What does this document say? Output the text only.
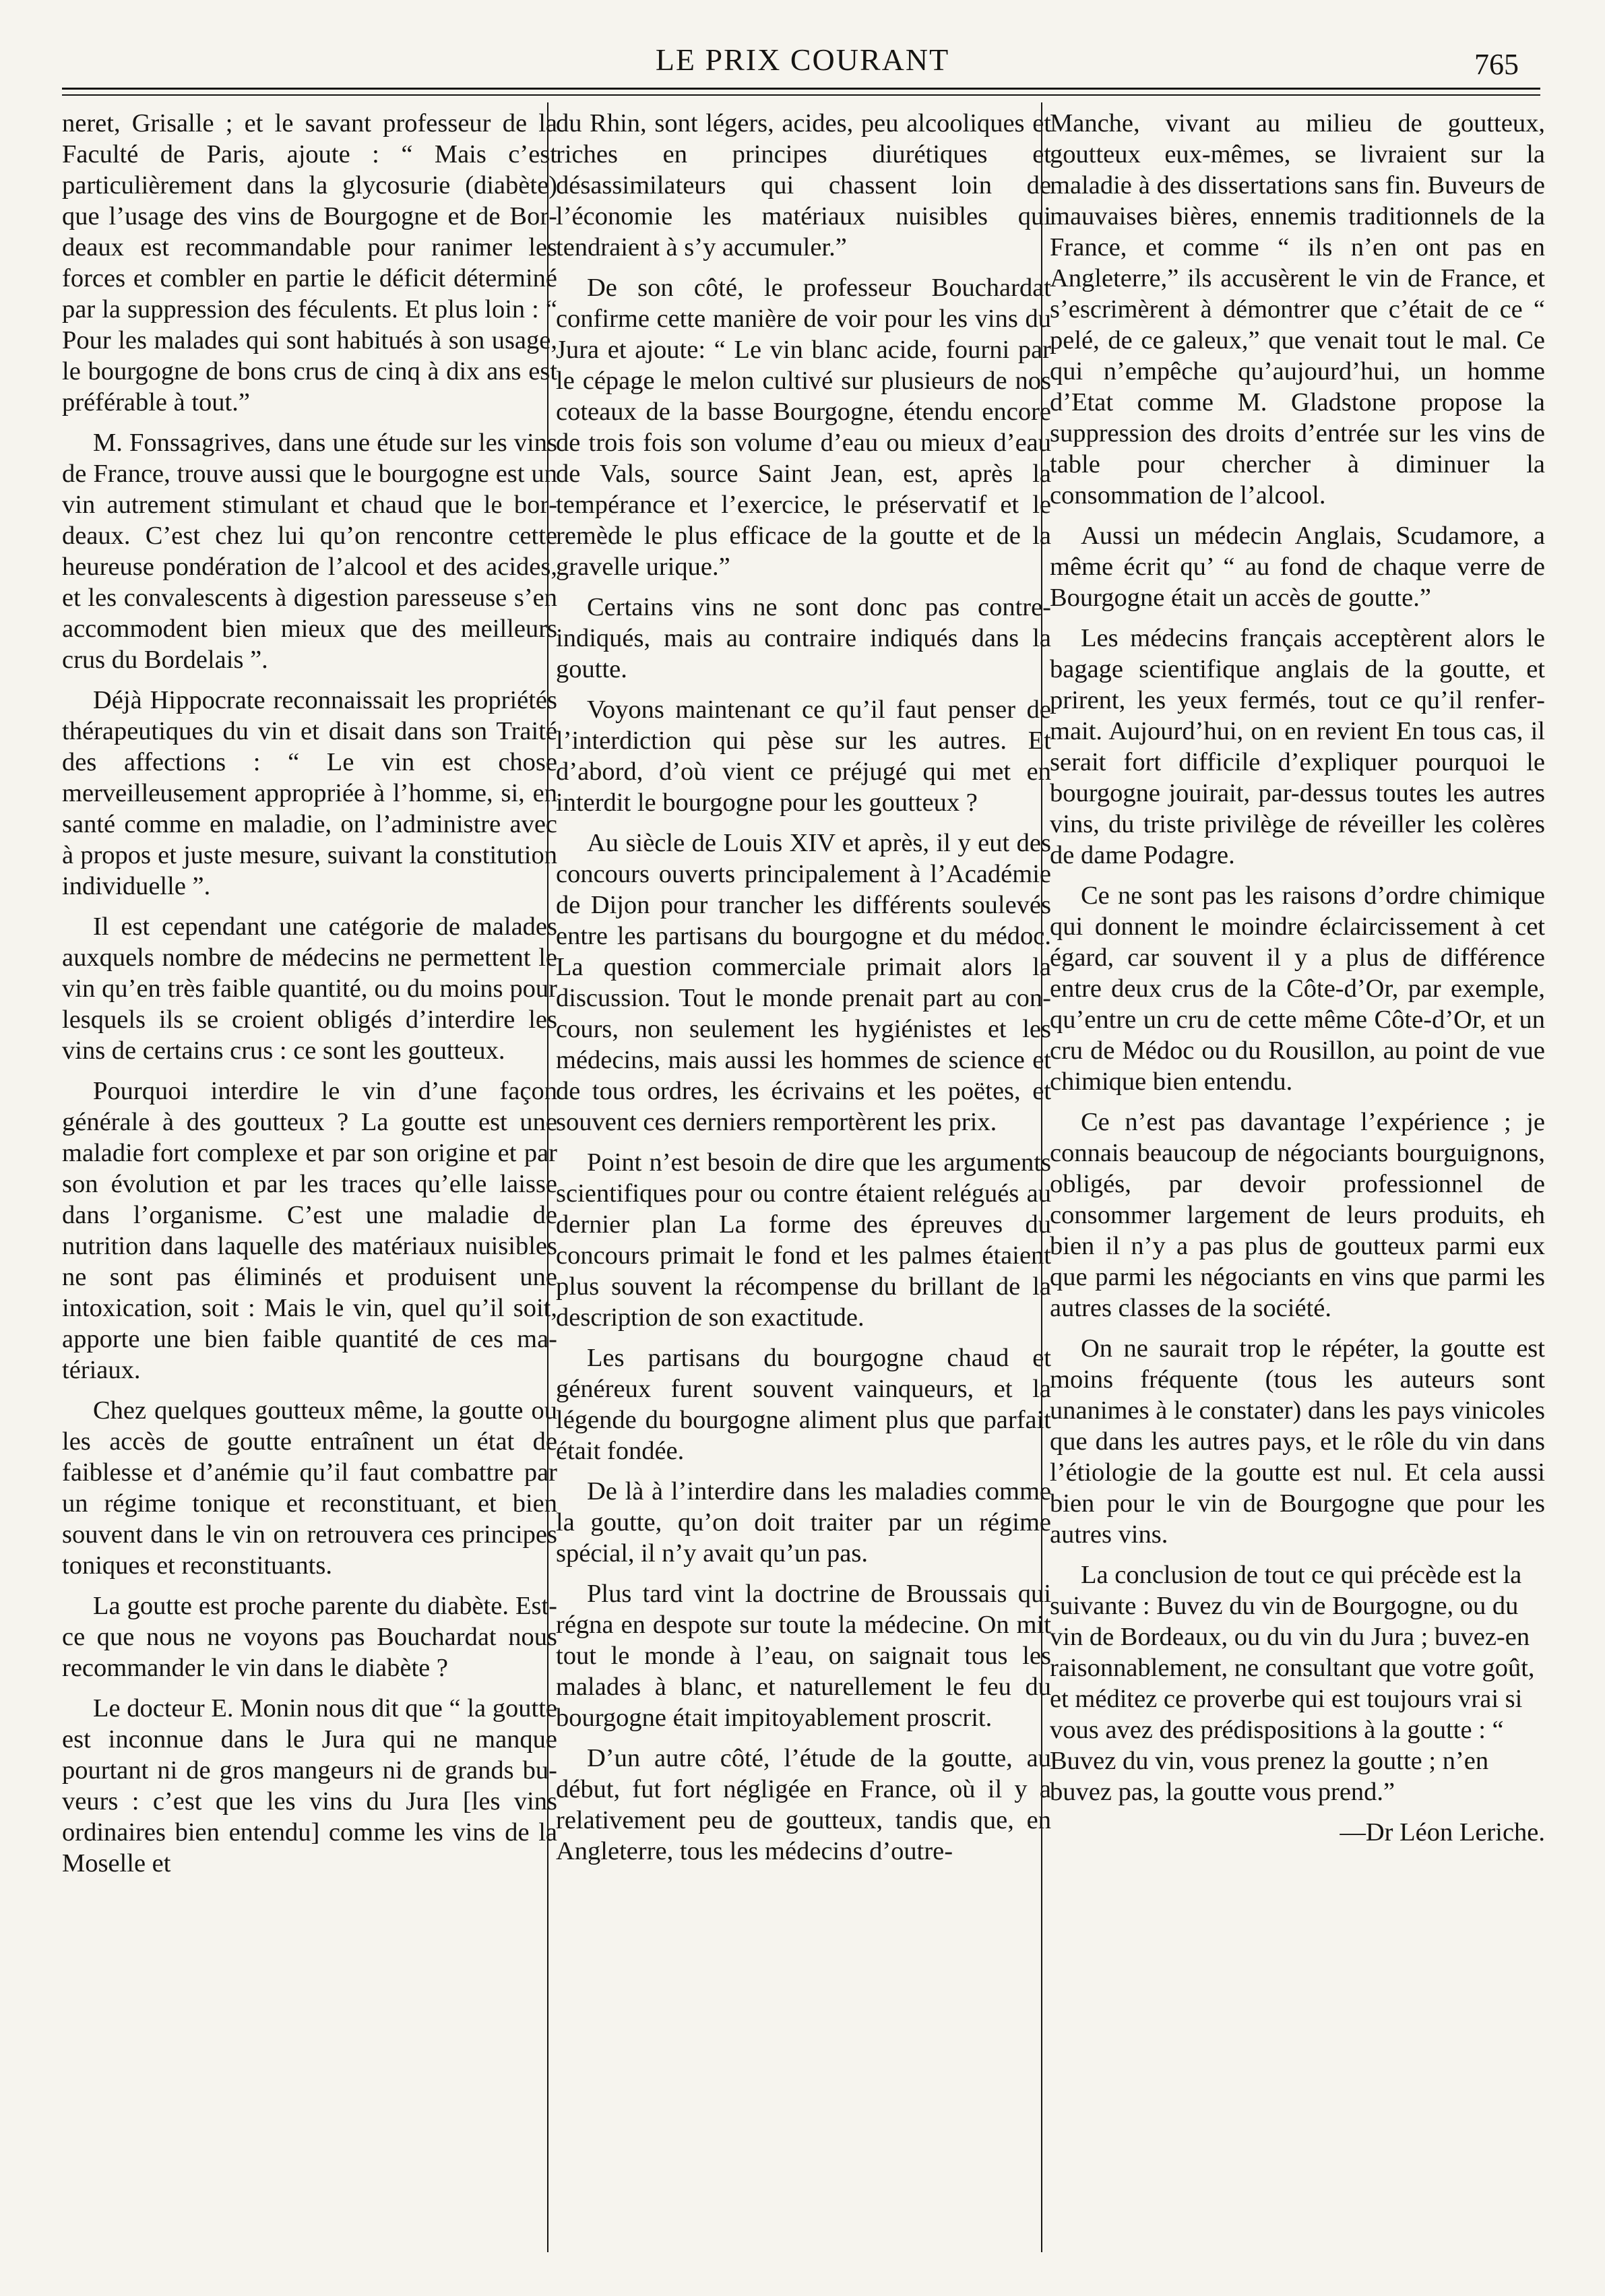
LE PRIX COURANT	765

neret, Grisalle ; et le savant professeur de la Faculté de Paris, ajoute : “ Mais c’est particulièrement dans la glycosurie (diabète) que l’usage des vins de Bourgogne et de Bordeaux est recommandable pour ranimer les forces et combler en partie le déficit déterminé par la suppression des féculents. Et plus loin : “ Pour les malades qui sont habitués à son usage, le bourgogne de bons crus de cinq à dix ans est préférable à tout.”

M. Fonssagrives, dans une étude sur les vins de France, trouve aussi que le bourgogne est un vin autrement stimulant et chaud que le bordeaux. C’est chez lui qu’on rencontre cette heureuse pondération de l’alcool et des acides, et les convalescents à digestion paresseuse s’en accommodent bien mieux que des meilleurs crus du Bordelais ”.

Déjà Hippocrate reconnaissait les propriétés thérapeutiques du vin et disait dans son Traité des affections : “ Le vin est chose merveilleusement appropriée à l’homme, si, en santé comme en maladie, on l’administre avec à propos et juste mesure, suivant la constitution individuelle ”.

Il est cependant une catégorie de malades auxquels nombre de médecins ne permettent le vin qu’en très faible quantité, ou du moins pour lesquels ils se croient obligés d’interdire les vins de certains crus : ce sont les goutteux.

Pourquoi interdire le vin d’une façon générale à des goutteux ? La goutte est une maladie fort complexe et par son origine et par son évolution et par les traces qu’elle laisse dans l’organisme. C’est une maladie de nutrition dans laquelle des matériaux nuisibles ne sont pas éliminés et produisent une intoxication, soit : Mais le vin, quel qu’il soit, apporte une bien faible quantité de ces matériaux.

Chez quelques goutteux même, la goutte ou les accès de goutte entraînent un état de faiblesse et d’anémie qu’il faut combattre par un régime tonique et reconstituant, et bien souvent dans le vin on retrouvera ces principes toniques et reconstituants.

La goutte est proche parente du diabète. Est-ce que nous ne voyons pas Bouchardat nous recommander le vin dans le diabète ?

Le docteur E. Monin nous dit que “ la goutte est inconnue dans le Jura qui ne manque pourtant ni de gros mangeurs ni de grands buveurs : c’est que les vins du Jura [les vins ordinaires bien entendu] comme les vins de la Moselle et

du Rhin, sont légers, acides, peu alcooliques et riches en principes diurétiques et désassimilateurs qui chassent loin de l’économie les matériaux nuisibles qui tendraient à s’y accumuler.”

De son côté, le professeur Bouchardat confirme cette manière de voir pour les vins du Jura et ajoute: “ Le vin blanc acide, fourni par le cépage le melon cultivé sur plusieurs de nos coteaux de la basse Bourgogne, étendu encore de trois fois son volume d’eau ou mieux d’eau de Vals, source Saint Jean, est, après la tempérance et l’exercice, le préservatif et le remède le plus efficace de la goutte et de la gravelle urique.”

Certains vins ne sont donc pas contre-indiqués, mais au contraire indiqués dans la goutte.

Voyons maintenant ce qu’il faut penser de l’interdiction qui pèse sur les autres. Et d’abord, d’où vient ce préjugé qui met en interdit le bourgogne pour les goutteux ?

Au siècle de Louis XIV et après, il y eut des concours ouverts principalement à l’Académie de Dijon pour trancher les différents soulevés entre les partisans du bourgogne et du médoc. La question commerciale primait alors la discussion. Tout le monde prenait part au concours, non seulement les hygiénistes et les médecins, mais aussi les hommes de science et de tous ordres, les écrivains et les poëtes, et souvent ces derniers remportèrent les prix.

Point n’est besoin de dire que les arguments scientifiques pour ou contre étaient relégués au dernier plan La forme des épreuves du concours primait le fond et les palmes étaient plus souvent la récompense du brillant de la description de son exactitude.

Les partisans du bourgogne chaud et généreux furent souvent vainqueurs, et la légende du bourgogne aliment plus que parfait était fondée.

De là à l’interdire dans les maladies comme la goutte, qu’on doit traiter par un régime spécial, il n’y avait qu’un pas.

Plus tard vint la doctrine de Broussais qui régna en despote sur toute la médecine. On mit tout le monde à l’eau, on saignait tous les malades à blanc, et naturellement le feu du bourgogne était impitoyablement proscrit.

D’un autre côté, l’étude de la goutte, au début, fut fort négligée en France, où il y a relativement peu de goutteux, tandis que, en Angleterre, tous les médecins d’outre-

Manche, vivant au milieu de goutteux, goutteux eux-mêmes, se livraient sur la maladie à des dissertations sans fin. Buveurs de mauvaises bières, ennemis traditionnels de la France, et comme “ ils n’en ont pas en Angleterre,” ils accusèrent le vin de France, et s’escrimèrent à démontrer que c’était de ce “ pelé, de ce galeux,” que venait tout le mal. Ce qui n’empêche qu’aujourd’hui, un homme d’Etat comme M. Gladstone propose la suppression des droits d’entrée sur les vins de table pour chercher à diminuer la consommation de l’alcool.

Aussi un médecin Anglais, Scudamore, a même écrit qu’ “ au fond de chaque verre de Bourgogne était un accès de goutte.”

Les médecins français acceptèrent alors le bagage scientifique anglais de la goutte, et prirent, les yeux fermés, tout ce qu’il renfermait. Aujourd’hui, on en revient En tous cas, il serait fort difficile d’expliquer pourquoi le bourgogne jouirait, par-dessus toutes les autres vins, du triste privilège de réveiller les colères de dame Podagre.

Ce ne sont pas les raisons d’ordre chimique qui donnent le moindre éclaircissement à cet égard, car souvent il y a plus de différence entre deux crus de la Côte-d’Or, par exemple, qu’entre un cru de cette même Côte-d’Or, et un cru de Médoc ou du Rousillon, au point de vue chimique bien entendu.

Ce n’est pas davantage l’expérience ; je connais beaucoup de négociants bourguignons, obligés, par devoir professionnel de consommer largement de leurs produits, eh bien il n’y a pas plus de goutteux parmi eux que parmi les négociants en vins que parmi les autres classes de la société.

On ne saurait trop le répéter, la goutte est moins fréquente (tous les auteurs sont unanimes à le constater) dans les pays vinicoles que dans les autres pays, et le rôle du vin dans l’étiologie de la goutte est nul. Et cela aussi bien pour le vin de Bourgogne que pour les autres vins.

La conclusion de tout ce qui précède est la suivante : Buvez du vin de Bourgogne, ou du vin de Bordeaux, ou du vin du Jura ; buvez-en raisonnablement, ne consultant que votre goût, et méditez ce proverbe qui est toujours vrai si vous avez des prédispositions à la goutte : “ Buvez du vin, vous prenez la goutte ; n’en buvez pas, la goutte vous prend.”

—Dr Léon Leriche.
